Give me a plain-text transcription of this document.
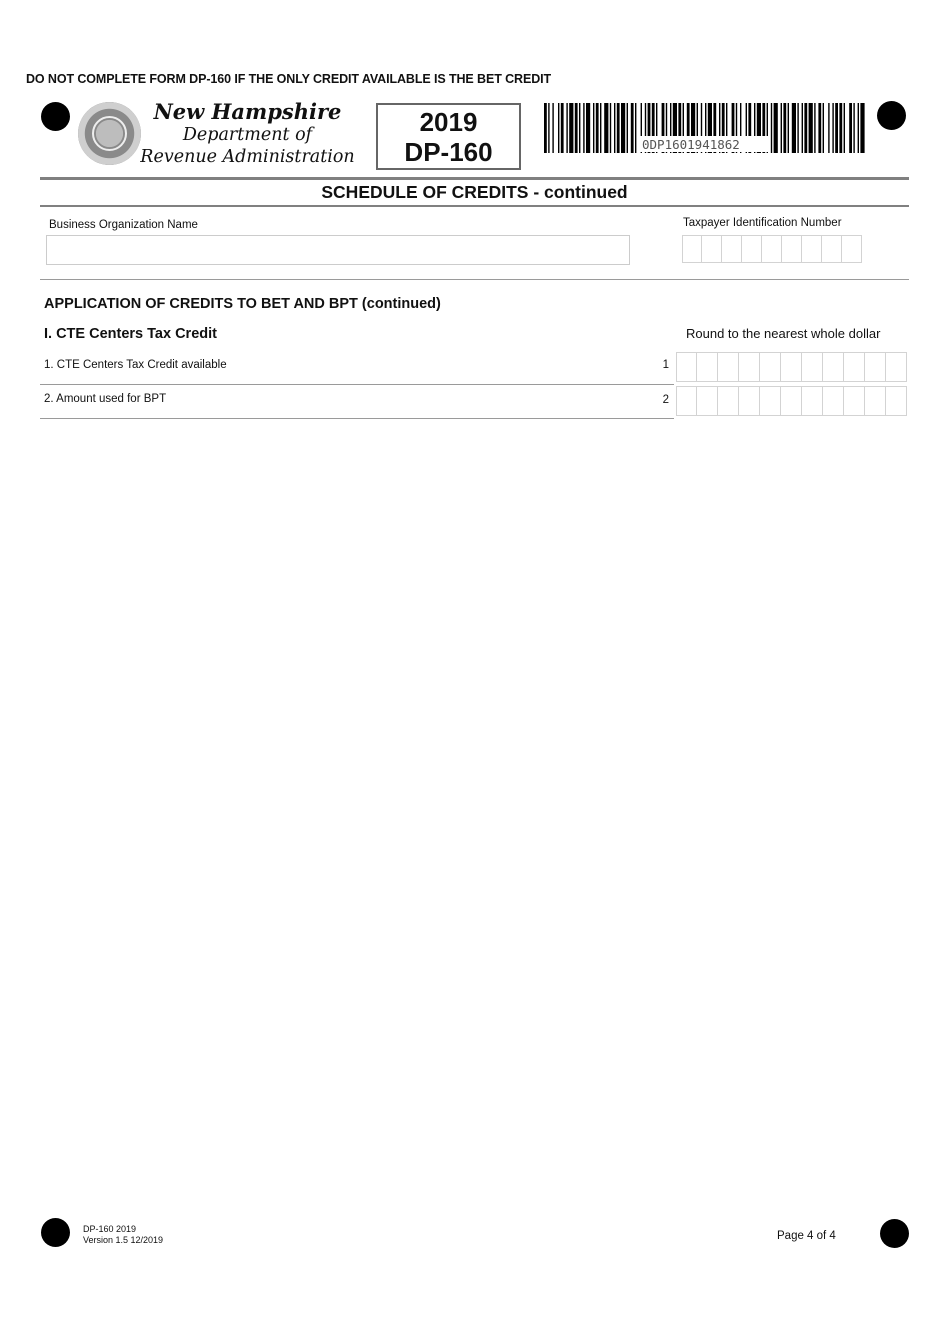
DO NOT COMPLETE FORM DP-160 IF THE ONLY CREDIT AVAILABLE IS THE BET CREDIT
New Hampshire
Department of
Revenue Administration
2019
DP-160	0DP1601941862
SCHEDULE OF CREDITS - continued
Business Organization Name	Taxpayer Identification Number
APPLICATION OF CREDITS TO BET AND BPT (continued)
I. CTE Centers Tax Credit	Round to the nearest whole dollar
1. CTE Centers Tax Credit available	1
2. Amount used for BPT	2
DP-160 2019
Version 1.5 12/2019	Page 4 of 4
